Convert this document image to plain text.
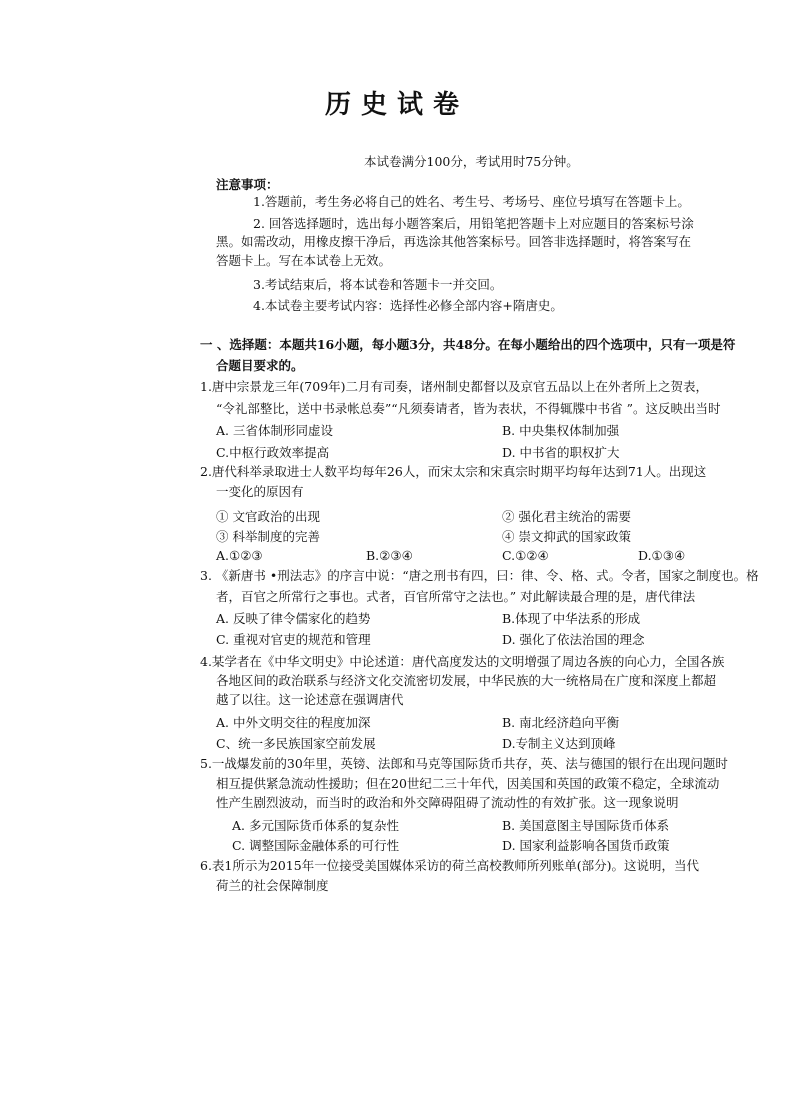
历史试卷
本试卷满分100分，考试用时75分钟。
注意事项：
1.答题前，考生务必将自己的姓名、考生号、考场号、座位号填写在答题卡上。
2. 回答选择题时，选出每小题答案后，用铅笔把答题卡上对应题目的答案标号涂
黑。如需改动，用橡皮擦干净后，再选涂其他答案标号。回答非选择题时，将答案写在
答题卡上。写在本试卷上无效。
3.考试结束后，将本试卷和答题卡一并交回。
4.本试卷主要考试内容：选择性必修全部内容+隋唐史。
一 、选择题：本题共16小题，每小题3分，共48分。在每小题给出的四个选项中，只有一项是符
合题目要求的。
1.唐中宗景龙三年(709年)二月有司奏，诸州制史都督以及京官五品以上在外者所上之贺表，
“令礼部整比，送中书录帐总奏”“凡须奏请者，皆为表状，不得辄牒中书省 ”。这反映出当时
A. 三省体制形同虚设	B. 中央集权体制加强
C.中枢行政效率提高	D. 中书省的职权扩大
2.唐代科举录取进士人数平均每年26人，而宋太宗和宋真宗时期平均每年达到71人。出现这
一变化的原因有
① 文官政治的出现	② 强化君主统治的需要
③ 科举制度的完善	④ 崇文抑武的国家政策
A.①②③	B.②③④	C.①②④	D.①③④
3. 《新唐书 •刑法志》的序言中说：“唐之刑书有四，曰：律、令、格、式。令者，国家之制度也。格
者，百官之所常行之事也。式者，百官所常守之法也。” 对此解读最合理的是，唐代律法
A. 反映了律令儒家化的趋势	B.体现了中华法系的形成
C. 重视对官吏的规范和管理	D. 强化了依法治国的理念
4.某学者在《中华文明史》中论述道：唐代高度发达的文明增强了周边各族的向心力，全国各族
各地区间的政治联系与经济文化交流密切发展，中华民族的大一统格局在广度和深度上都超
越了以往。这一论述意在强调唐代
A. 中外文明交往的程度加深	B. 南北经济趋向平衡
C、统一多民族国家空前发展	D.专制主义达到顶峰
5.一战爆发前的30年里，英镑、法郎和马克等国际货币共存，英、法与德国的银行在出现问题时
相互提供紧急流动性援助；但在20世纪二三十年代，因美国和英国的政策不稳定，全球流动
性产生剧烈波动，而当时的政治和外交障碍阻碍了流动性的有效扩张。这一现象说明
A. 多元国际货币体系的复杂性	B. 美国意图主导国际货币体系
C. 调整国际金融体系的可行性	D. 国家利益影响各国货币政策
6.表1所示为2015年一位接受美国媒体采访的荷兰高校教师所列账单(部分)。这说明，当代
荷兰的社会保障制度
